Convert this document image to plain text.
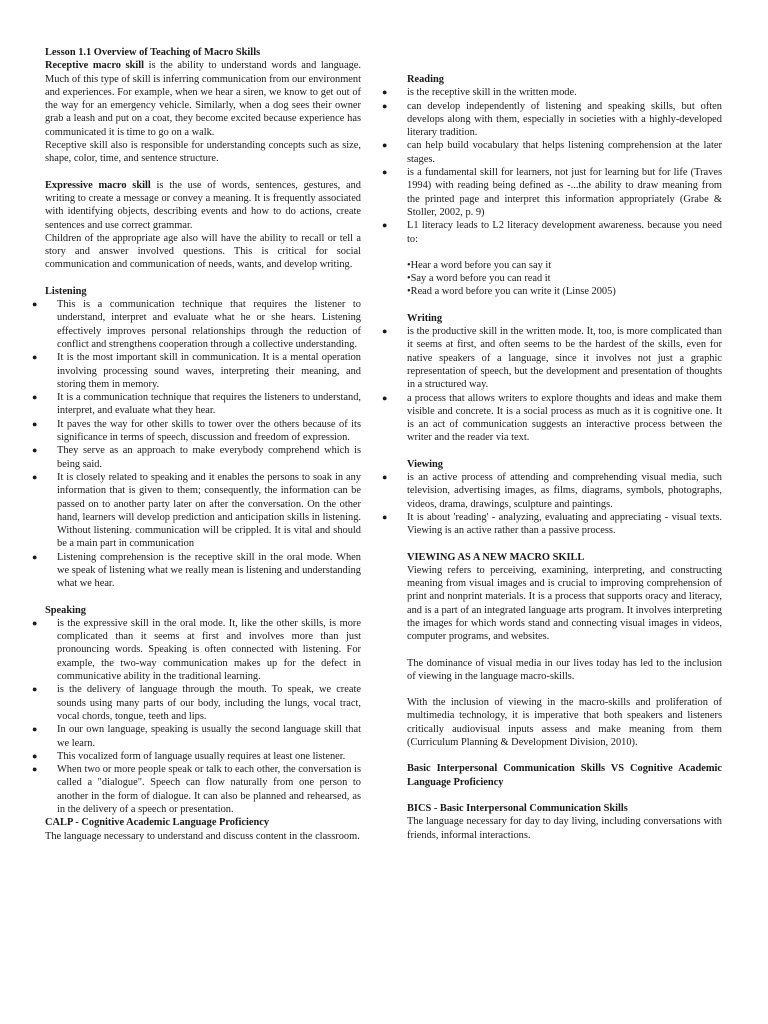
Lesson 1.1 Overview of Teaching of Macro Skills

Receptive macro skill is the ability to understand words and language. Much of this type of skill is inferring communication from our environment and experiences. For example, when we hear a siren, we know to get out of the way for an emergency vehicle. Similarly, when a dog sees their owner grab a leash and put on a coat, they become excited because experience has communicated it is time to go on a walk.

Receptive skill also is responsible for understanding concepts such as size, shape, color, time, and sentence structure.

Expressive macro skill is the use of words, sentences, gestures, and writing to create a message or convey a meaning. It is frequently associated with identifying objects, describing events and how to do actions, create sentences and use correct grammar.

Children of the appropriate age also will have the ability to recall or tell a story and answer involved questions. This is critical for social communication and communication of needs, wants, and develop writing.

Listening
● This is a communication technique that requires the listener to understand, interpret and evaluate what he or she hears. Listening effectively improves personal relationships through the reduction of conflict and strengthens cooperation through a collective understanding.
● It is the most important skill in communication. It is a mental operation involving processing sound waves, interpreting their meaning, and storing them in memory.
● It is a communication technique that requires the listeners to understand, interpret, and evaluate what they hear.
● It paves the way for other skills to tower over the others because of its significance in terms of speech, discussion and freedom of expression.
● They serve as an approach to make everybody comprehend which is being said.
● It is closely related to speaking and it enables the persons to soak in any information that is given to them; consequently, the information can be passed on to another party later on after the conversation. On the other hand, learners will develop prediction and anticipation skills in listening. Without listening. communication will be crippled. It is vital and should be a main part in communication
● Listening comprehension is the receptive skill in the oral mode. When we speak of listening what we really mean is listening and understanding what we hear.
Speaking
● is the expressive skill in the oral mode. It, like the other skills, is more complicated than it seems at first and involves more than just pronouncing words. Speaking is often connected with listening. For example, the two-way communication makes up for the defect in communicative ability in the traditional learning.
● is the delivery of language through the mouth. To speak, we create sounds using many parts of our body, including the lungs, vocal tract, vocal chords, tongue, teeth and lips.
● In our own language, speaking is usually the second language skill that we learn.
● This vocalized form of language usually requires at least one listener.
● When two or more people speak or talk to each other, the conversation is called a "dialogue". Speech can flow naturally from one person to another in the form of dialogue. It can also be planned and rehearsed, as in the delivery of a speech or presentation.
CALP - Cognitive Academic Language Proficiency

The language necessary to understand and discuss content in the classroom.

Reading
● is the receptive skill in the written mode.
● can develop independently of listening and speaking skills, but often develops along with them, especially in societies with a highly-developed literary tradition.
● can help build vocabulary that helps listening comprehension at the later stages.
● is a fundamental skill for learners, not just for learning but for life (Traves 1994) with reading being defined as -...the ability to draw meaning from the printed page and interpret this information appropriately (Grabe & Stoller, 2002, p. 9)
● L1 literacy leads to L2 literacy development awareness. because you need to:
• Hear a word before you can say it
• Say a word before you can read it
• Read a word before you can write it (Linse 2005)
Writing
● is the productive skill in the written mode. It, too, is more complicated than it seems at first, and often seems to be the hardest of the skills, even for native speakers of a language, since it involves not just a graphic representation of speech, but the development and presentation of thoughts in a structured way.
● a process that allows writers to explore thoughts and ideas and make them visible and concrete. It is a social process as much as it is cognitive one. It is an act of communication suggests an interactive process between the writer and the reader via text.
Viewing
● is an active process of attending and comprehending visual media, such television, advertising images, as films, diagrams, symbols, photographs, videos, drama, drawings, sculpture and paintings.
● It is about 'reading' - analyzing, evaluating and appreciating - visual texts. Viewing is an active rather than a passive process.
VIEWING AS A NEW MACRO SKILL

Viewing refers to perceiving, examining, interpreting, and constructing meaning from visual images and is crucial to improving comprehension of print and nonprint materials. It is a process that supports oracy and literacy, and is a part of an integrated language arts program. It involves interpreting the images for which words stand and connecting visual images in videos, computer programs, and websites.

The dominance of visual media in our lives today has led to the inclusion of viewing in the language macro-skills.

With the inclusion of viewing in the macro-skills and proliferation of multimedia technology, it is imperative that both speakers and listeners critically audiovisual inputs assess and make meaning from them (Curriculum Planning & Development Division, 2010).

Basic Interpersonal Communication Skills VS Cognitive Academic Language Proficiency

BICS - Basic Interpersonal Communication Skills

The language necessary for day to day living, including conversations with friends, informal interactions.
